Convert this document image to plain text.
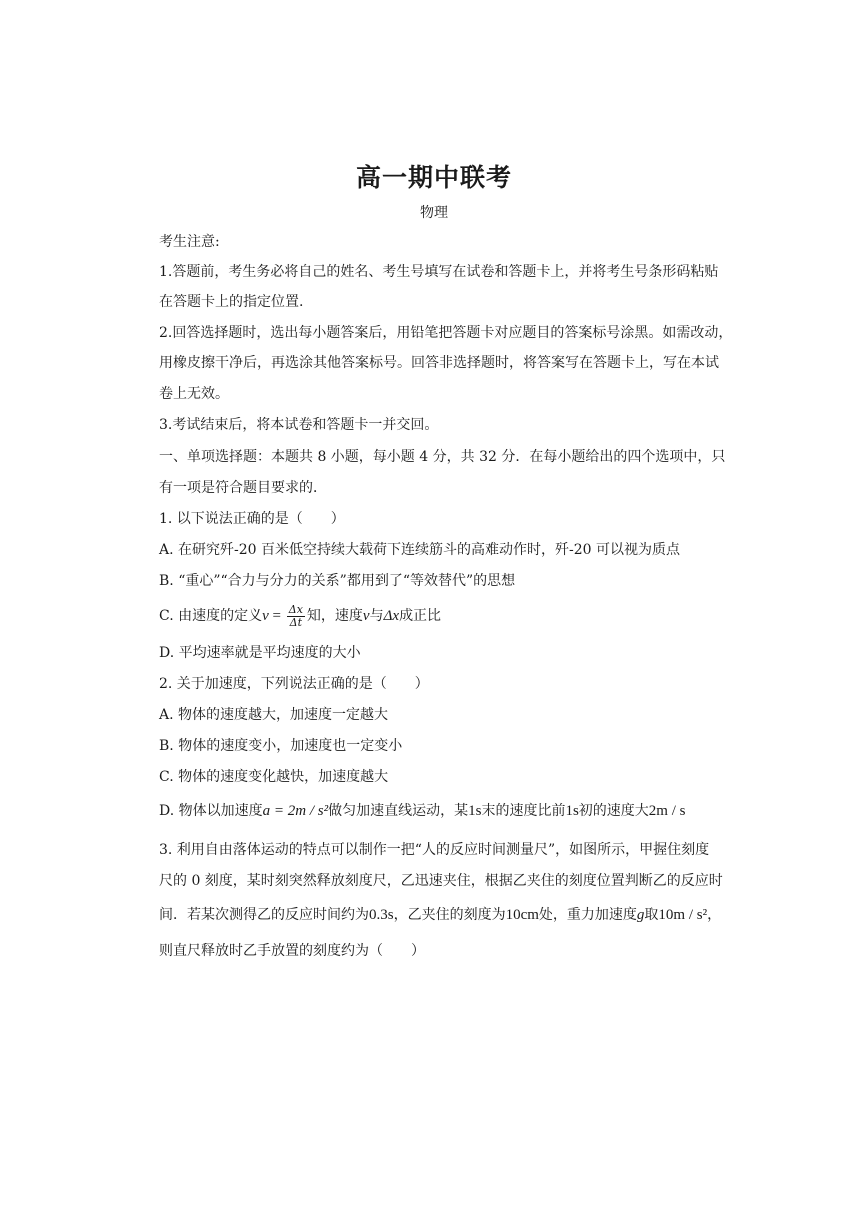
高一期中联考
物理
考生注意:
1.答题前，考生务必将自己的姓名、考生号填写在试卷和答题卡上，并将考生号条形码粘贴
在答题卡上的指定位置.
2.回答选择题时，选出每小题答案后，用铅笔把答题卡对应题目的答案标号涂黑。如需改动，
用橡皮擦干净后，再选涂其他答案标号。回答非选择题时，将答案写在答题卡上，写在本试
卷上无效。
3.考试结束后，将本试卷和答题卡一并交回。
一、单项选择题：本题共 8 小题，每小题 4 分，共 32 分．在每小题给出的四个选项中，只
有一项是符合题目要求的．
1. 以下说法正确的是（　　）
A. 在研究歼-20 百米低空持续大载荷下连续筋斗的高难动作时，歼-20 可以视为质点
B. “重心”“合力与分力的关系”都用到了“等效替代”的思想
C. 由速度的定义$v = \frac{\Delta x}{\Delta t}$ 知，速度v与Δx成正比
D. 平均速率就是平均速度的大小
2. 关于加速度，下列说法正确的是（　　）
A. 物体的速度越大，加速度一定越大
B. 物体的速度变小，加速度也一定变小
C. 物体的速度变化越快，加速度越大
D. 物体以加速度a = 2m / s²做匀加速直线运动，某1s末的速度比前1s初的速度大2m / s
3. 利用自由落体运动的特点可以制作一把“人的反应时间测量尺”，如图所示，甲握住刻度
尺的 0 刻度，某时刻突然释放刻度尺，乙迅速夹住，根据乙夹住的刻度位置判断乙的反应时
间．若某次测得乙的反应时间约为0.3s，乙夹住的刻度为10cm处，重力加速度g取10m / s²，
则直尺释放时乙手放置的刻度约为（　　）
